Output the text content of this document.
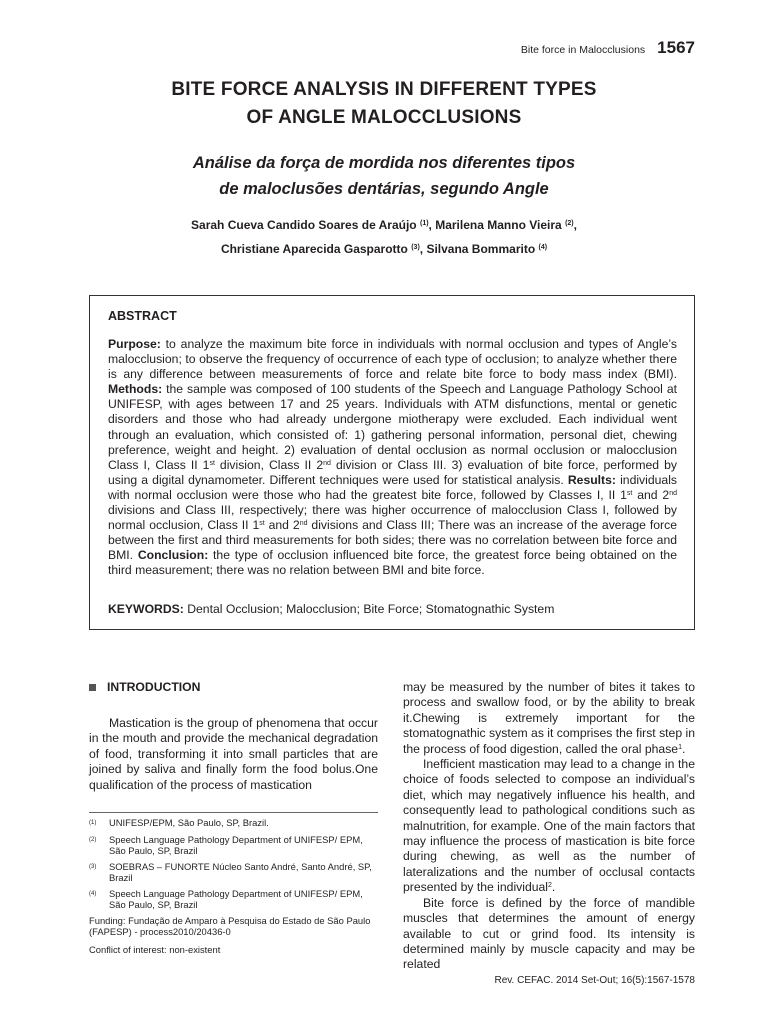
Bite force in Malocclusions 1567
BITE FORCE ANALYSIS IN DIFFERENT TYPES
OF ANGLE MALOCCLUSIONS
Análise da força de mordida nos diferentes tipos
de maloclusões dentárias, segundo Angle
Sarah Cueva Candido Soares de Araújo $^{(1)}$, Marilena Manno Vieira $^{(2)}$,
Christiane Aparecida Gasparotto $^{(3)}$, Silvana Bommarito $^{(4)}$
ABSTRACT
Purpose: to analyze the maximum bite force in individuals with normal occlusion and types of Angle’s malocclusion; to observe the frequency of occurrence of each type of occlusion; to analyze whether there is any difference between measurements of force and relate bite force to body mass index (BMI). Methods: the sample was composed of 100 students of the Speech and Language Pathology School at UNIFESP, with ages between 17 and 25 years. Individuals with ATM disfunctions, mental or genetic disorders and those who had already undergone miotherapy were excluded. Each individual went through an evaluation, which consisted of: 1) gathering personal information, personal diet, chewing preference, weight and height. 2) evaluation of dental occlusion as normal occlusion or malocclusion Class I, Class II 1st division, Class II 2nd division or Class III. 3) evaluation of bite force, performed by using a digital dynamometer. Different techniques were used for statistical analysis. Results: individuals with normal occlusion were those who had the greatest bite force, followed by Classes I, II 1st and 2nd divisions and Class III, respectively; there was higher occurrence of malocclusion Class I, followed by normal occlusion, Class II 1st and 2nd divisions and Class III; There was an increase of the average force between the first and third measurements for both sides; there was no correlation between bite force and BMI. Conclusion: the type of occlusion influenced bite force, the greatest force being obtained on the third measurement; there was no relation between BMI and bite force.
KEYWORDS: Dental Occlusion; Malocclusion; Bite Force; Stomatognathic System
INTRODUCTION

Mastication is the group of phenomena that occur in the mouth and provide the mechanical degradation of food, transforming it into small particles that are joined by saliva and finally form the food bolus.One qualification of the process of mastication

may be measured by the number of bites it takes to process and swallow food, or by the ability to break it.Chewing is extremely important for the stomatognathic system as it comprises the first step in the process of food digestion, called the oral phase$^1$.

Inefficient mastication may lead to a change in the choice of foods selected to compose an individual’s diet, which may negatively influence his health, and consequently lead to pathological conditions such as malnutrition, for example. One of the main factors that may influence the process of mastication is bite force during chewing, as well as the number of lateralizations and the number of occlusal contacts presented by the individual$^2$.

Bite force is defined by the force of mandible muscles that determines the amount of energy available to cut or grind food. Its intensity is determined mainly by muscle capacity and may be related

(1)	UNIFESP/EPM, São Paulo, SP, Brazil.
(2)	Speech Language Pathology Department of UNIFESP/ EPM, São Paulo, SP, Brazil
(3)	SOEBRAS – FUNORTE Núcleo Santo André, Santo André, SP, Brazil
(4)	Speech Language Pathology Department of UNIFESP/ EPM, São Paulo, SP, Brazil
Funding: Fundação de Amparo à Pesquisa do Estado de São Paulo (FAPESP) - process2010/20436-0
Conflict of interest: non-existent
Rev. CEFAC. 2014 Set-Out; 16(5):1567-1578
